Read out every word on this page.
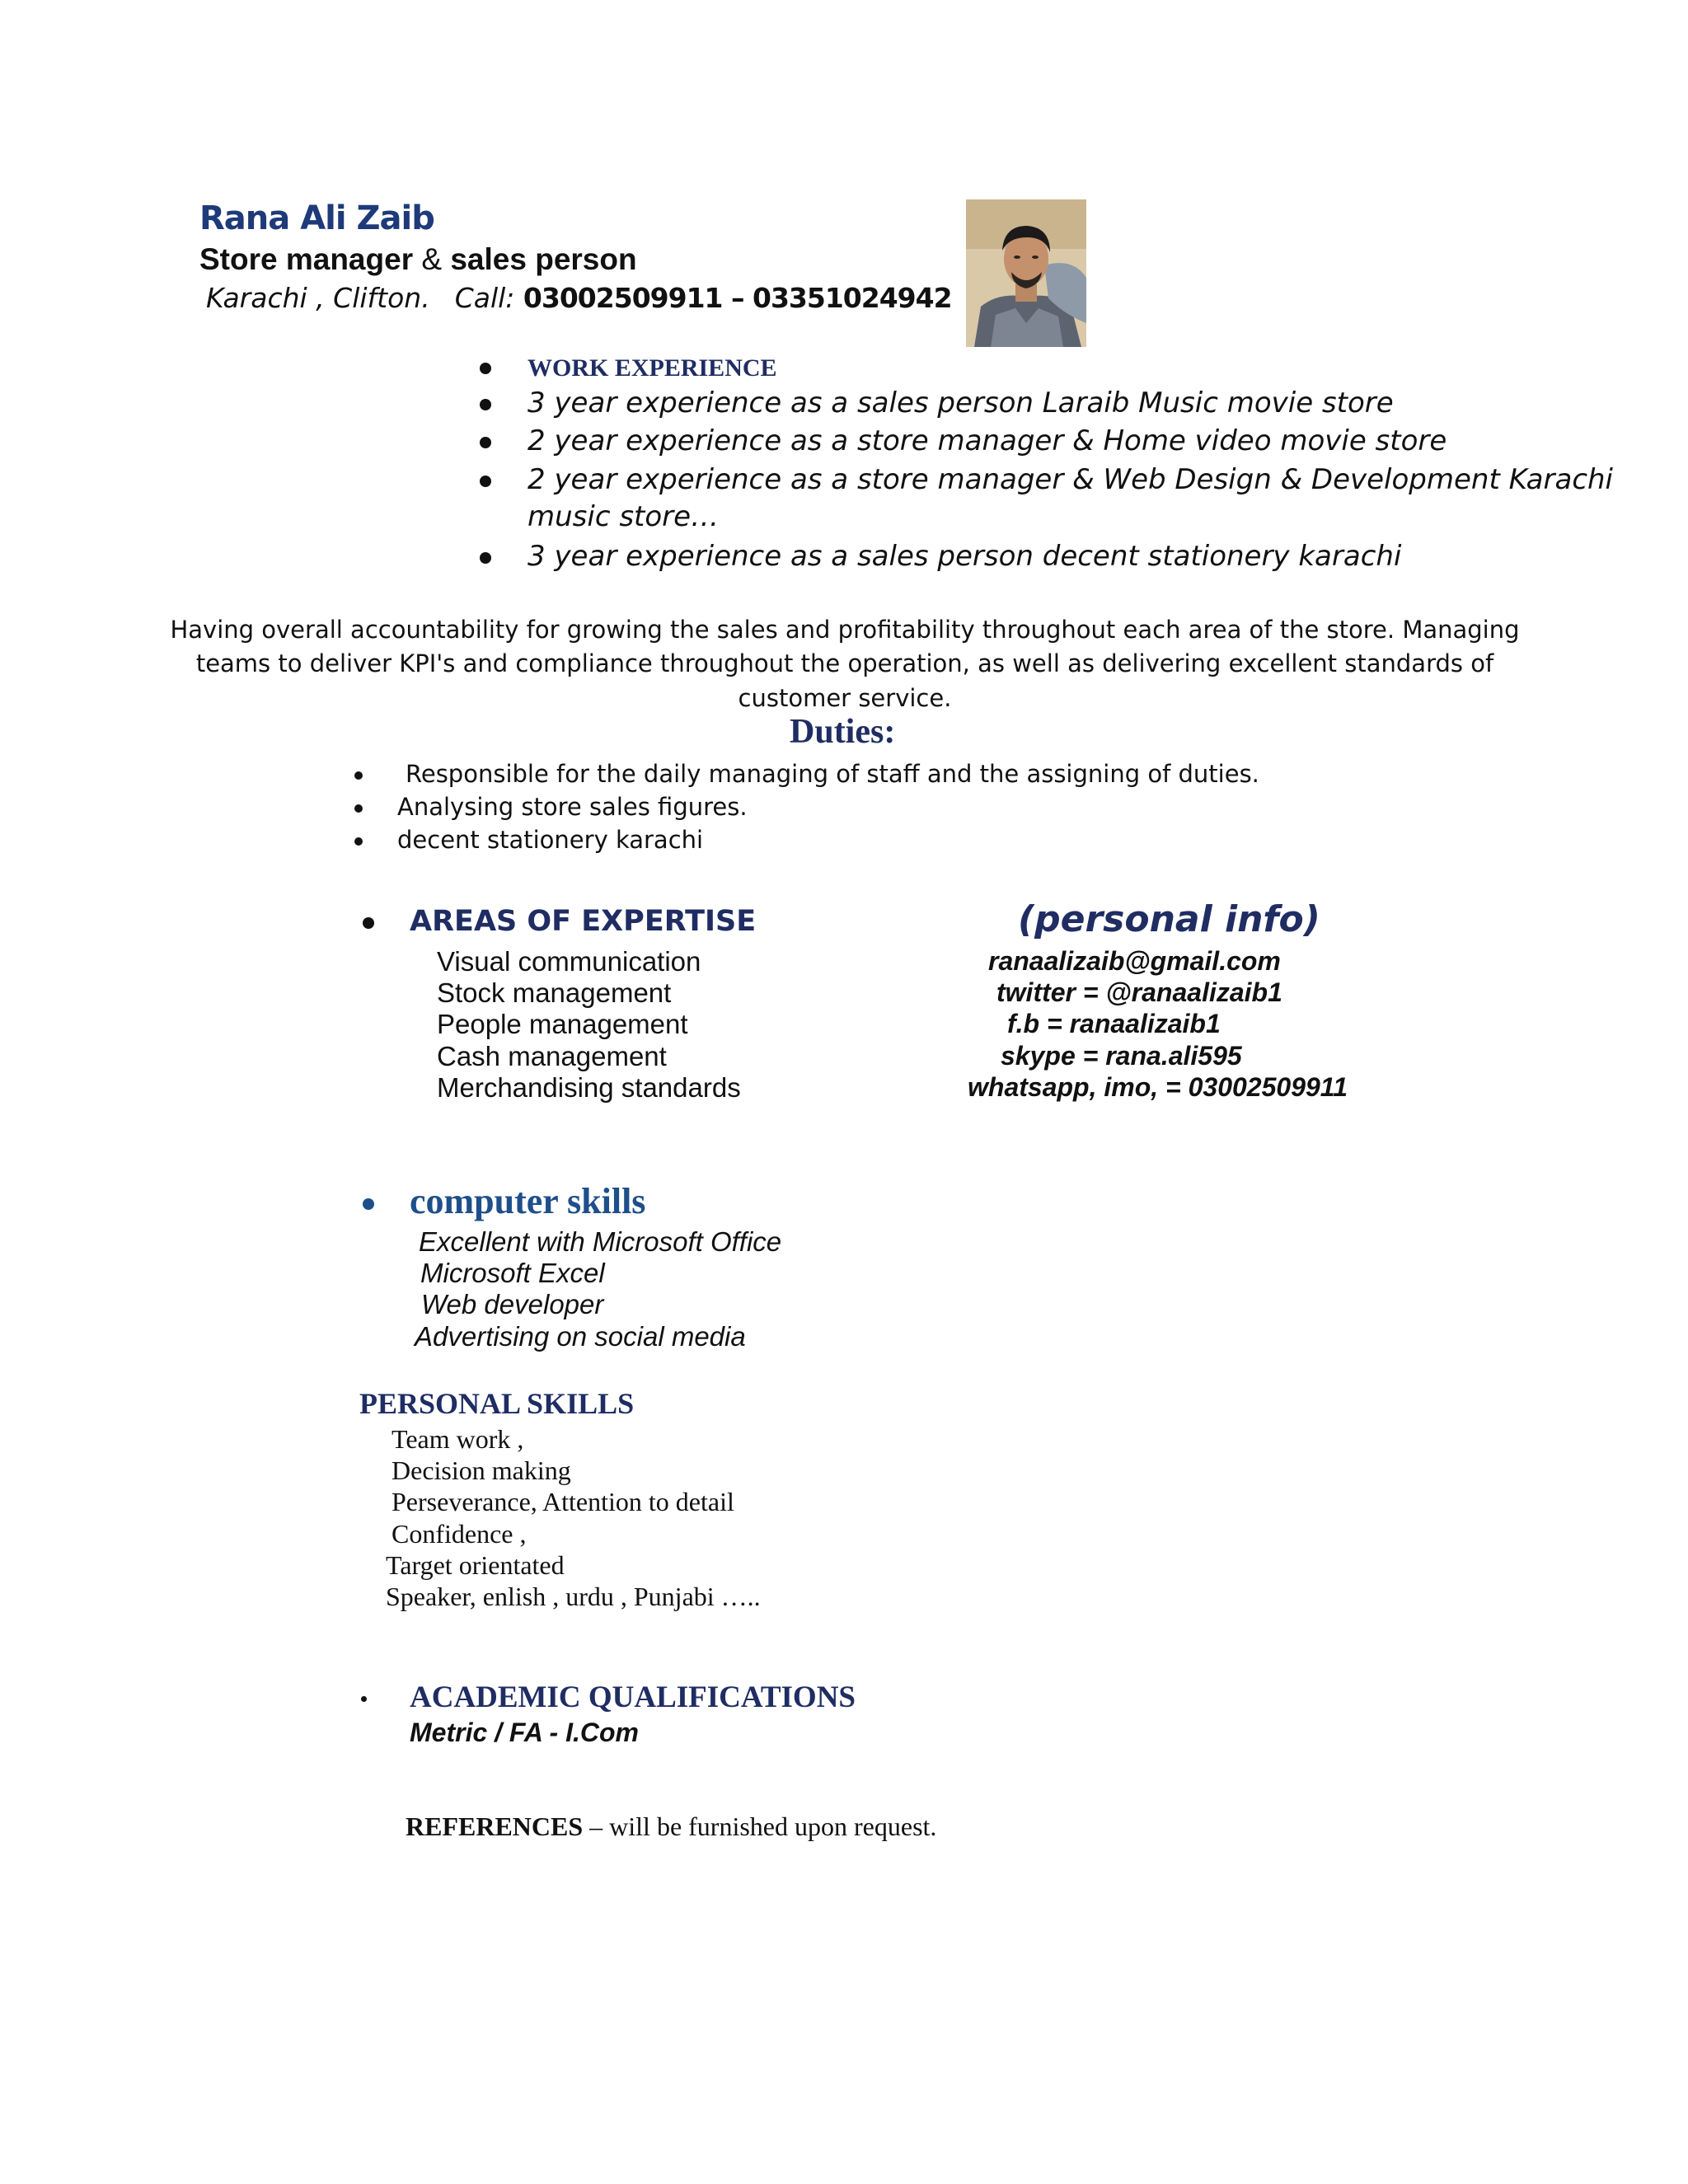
Rana Ali Zaib
Store manager & sales person
Karachi , Clifton. Call: 03002509911 – 03351024942
WORK EXPERIENCE
3 year experience as a sales person Laraib Music movie store
2 year experience as a store manager & Home video movie store
2 year experience as a store manager & Web Design & Development Karachi
music store…
3 year experience as a sales person decent stationery karachi
Having overall accountability for growing the sales and profitability throughout each area of the store. Managing
teams to deliver KPI's and compliance throughout the operation, as well as delivering excellent standards of
customer service.
Duties:
Responsible for the daily managing of staff and the assigning of duties.
Analysing store sales figures.
decent stationery karachi
AREAS OF EXPERTISE
Visual communication
Stock management
People management
Cash management
Merchandising standards
(personal info)
ranaalizaib@gmail.com
twitter = @ranaalizaib1
f.b = ranaalizaib1
skype = rana.ali595
whatsapp, imo, = 03002509911
computer skills
Excellent with Microsoft Office
Microsoft Excel
Web developer
Advertising on social media
PERSONAL SKILLS
Team work ,
Decision making
Perseverance, Attention to detail
Confidence ,
Target orientated
Speaker, enlish , urdu , Punjabi …..
ACADEMIC QUALIFICATIONS
Metric / FA - I.Com
REFERENCES – will be furnished upon request.
